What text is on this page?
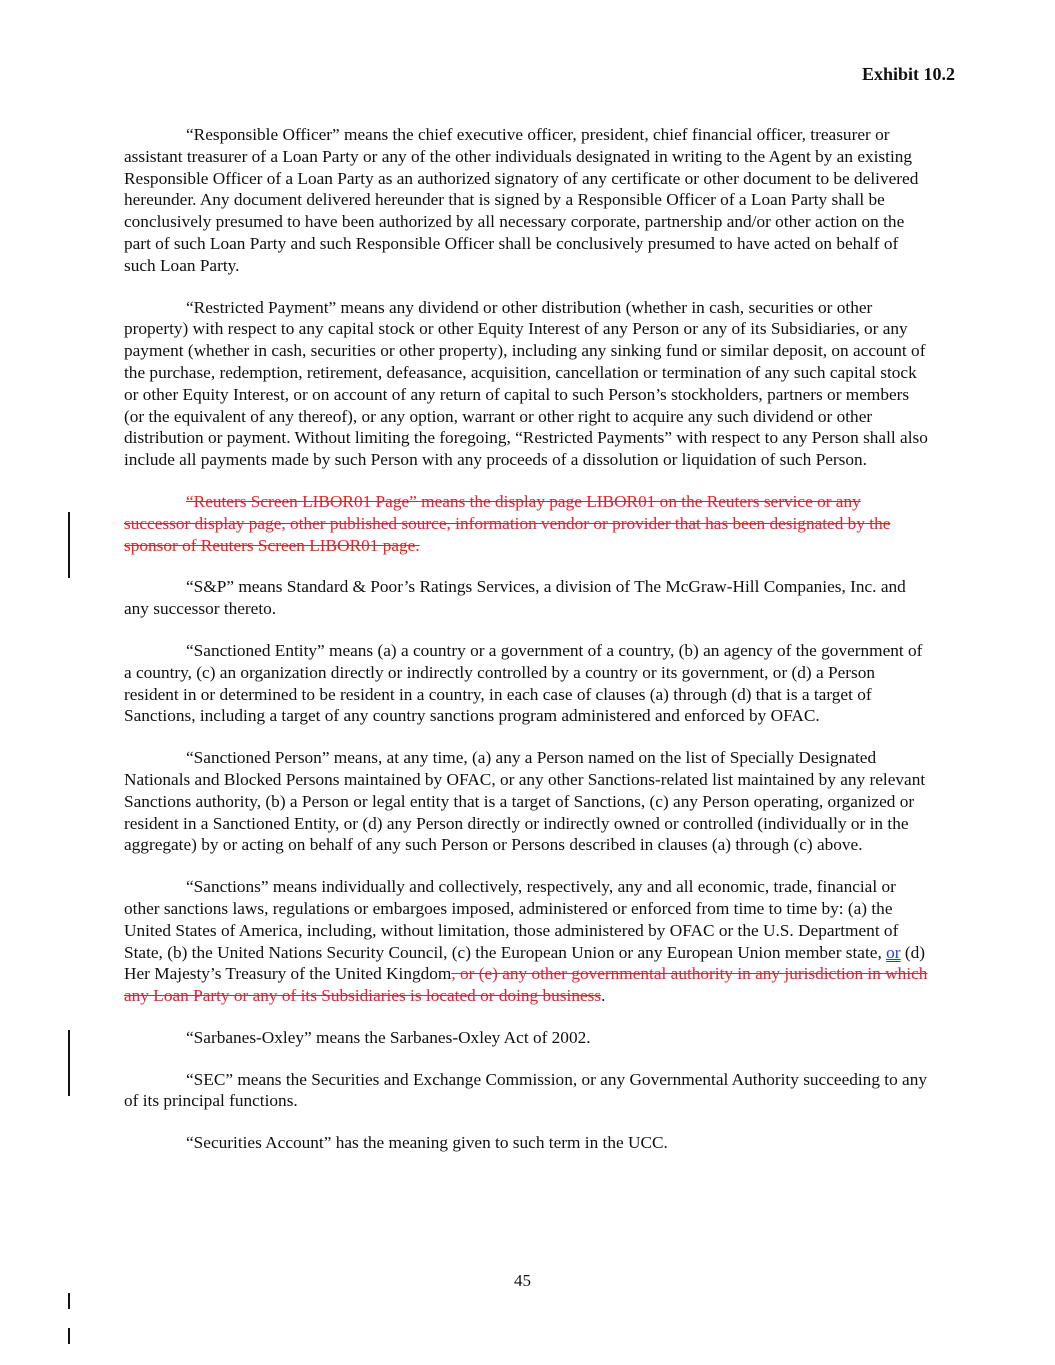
Exhibit 10.2

“Responsible Officer” means the chief executive officer, president, chief financial officer, treasurer or assistant treasurer of a Loan Party or any of the other individuals designated in writing to the Agent by an existing Responsible Officer of a Loan Party as an authorized signatory of any certificate or other document to be delivered hereunder. Any document delivered hereunder that is signed by a Responsible Officer of a Loan Party shall be conclusively presumed to have been authorized by all necessary corporate, partnership and/or other action on the part of such Loan Party and such Responsible Officer shall be conclusively presumed to have acted on behalf of such Loan Party.

“Restricted Payment” means any dividend or other distribution (whether in cash, securities or other property) with respect to any capital stock or other Equity Interest of any Person or any of its Subsidiaries, or any payment (whether in cash, securities or other property), including any sinking fund or similar deposit, on account of the purchase, redemption, retirement, defeasance, acquisition, cancellation or termination of any such capital stock or other Equity Interest, or on account of any return of capital to such Person’s stockholders, partners or members (or the equivalent of any thereof), or any option, warrant or other right to acquire any such dividend or other distribution or payment. Without limiting the foregoing, “Restricted Payments” with respect to any Person shall also include all payments made by such Person with any proceeds of a dissolution or liquidation of such Person.

“Reuters Screen LIBOR01 Page” means the display page LIBOR01 on the Reuters service or any successor display page, other published source, information vendor or provider that has been designated by the sponsor of Reuters Screen LIBOR01 page.

“S&P” means Standard & Poor’s Ratings Services, a division of The McGraw-Hill Companies, Inc. and any successor thereto.

“Sanctioned Entity” means (a) a country or a government of a country, (b) an agency of the government of a country, (c) an organization directly or indirectly controlled by a country or its government, or (d) a Person resident in or determined to be resident in a country, in each case of clauses (a) through (d) that is a target of Sanctions, including a target of any country sanctions program administered and enforced by OFAC.

“Sanctioned Person” means, at any time, (a) any a Person named on the list of Specially Designated Nationals and Blocked Persons maintained by OFAC, or any other Sanctions-related list maintained by any relevant Sanctions authority, (b) a Person or legal entity that is a target of Sanctions, (c) any Person operating, organized or resident in a Sanctioned Entity, or (d) any Person directly or indirectly owned or controlled (individually or in the aggregate) by or acting on behalf of any such Person or Persons described in clauses (a) through (c) above.

“Sanctions” means individually and collectively, respectively, any and all economic, trade, financial or other sanctions laws, regulations or embargoes imposed, administered or enforced from time to time by: (a) the United States of America, including, without limitation, those administered by OFAC or the U.S. Department of State, (b) the United Nations Security Council, (c) the European Union or any European Union member state, or (d) Her Majesty’s Treasury of the United Kingdom, or (e) any other governmental authority in any jurisdiction in which any Loan Party or any of its Subsidiaries is located or doing business.

“Sarbanes-Oxley” means the Sarbanes-Oxley Act of 2002.

“SEC” means the Securities and Exchange Commission, or any Governmental Authority succeeding to any of its principal functions.

“Securities Account” has the meaning given to such term in the UCC.

45
